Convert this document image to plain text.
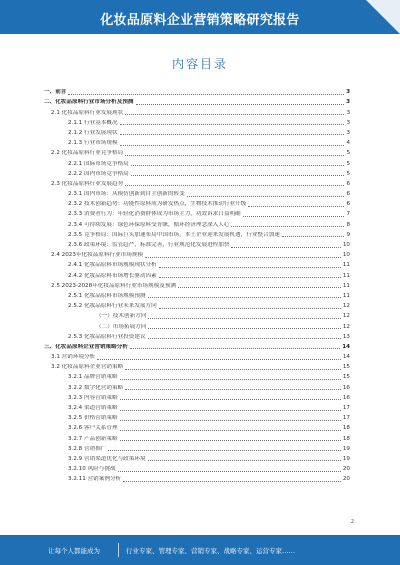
化妆品原料企业营销策略研究报告
内容目录
一、前言	3
二、化妆品原料行业市场分析及预测	3
2.1 化妆品原料行业发展现状	3
2.1.1 行业基本概况	3
2.1.2 行业发展现状	3
2.1.3 行业市场规模	4
2.2 化妆品原料行业竞争格局	5
2.2.1 国际市场竞争格局	5
2.2.2 国内市场竞争格局	5
2.3 化妆品原料行业发展趋势	6
2.3.1 国内市场：从模仿创新到自主创新的转变	6
2.3.2 技术创新趋势：功能性原料成为研发热点，生物技术推动行业升级	6
2.3.3 消费者行为：年轻化消费群体成为市场主力，功效诉求日益明确	7
2.3.4 可持续发展：绿色环保原料受青睐，循环经济理念深入人心	8
2.3.5 竞争格局：国际巨头加速布局中国市场，本土企业迎来发展机遇，行业整合加速	9
2.3.6 政策环境：监管趋严，标准完善，行业规范化发展进程加快	10
2.4 2023年化妆品原料行业市场规模	10
2.4.1 化妆品原料市场规模现状分析	11
2.4.2 化妆品原料市场增长驱动因素	11
2.5 2023-2028年化妆品原料行业市场规模及预测	11
2.5.1 化妆品原料市场规模预测	11
2.5.2 化妆品原料行业未来发展方向	12
（一）技术创新方向	12
（二）市场拓展方向	12
2.5.3 化妆品原料行业投资建议	13
三、化妆品原料企业营销策略分析	14
3.1 营销环境分析	14
3.2 化妆品原料企业营销策略	15
3.2.1 品牌营销策略	15
3.2.2 数字化营销策略	16
3.2.3 内容营销策略	16
3.2.4 渠道营销策略	17
3.2.5 价格营销策略	17
3.2.6 客户关系管理	18
3.2.7 产品创新策略	18
3.2.8 营销推广	19
3.2.9 营销渠道优化与政策环境	19
3.2.10 风险与挑战	20
3.2.11 营销案例分析	20
2
让每个人都能成为	行业专家、管理专家、营销专家、战略专家、运营专家……
